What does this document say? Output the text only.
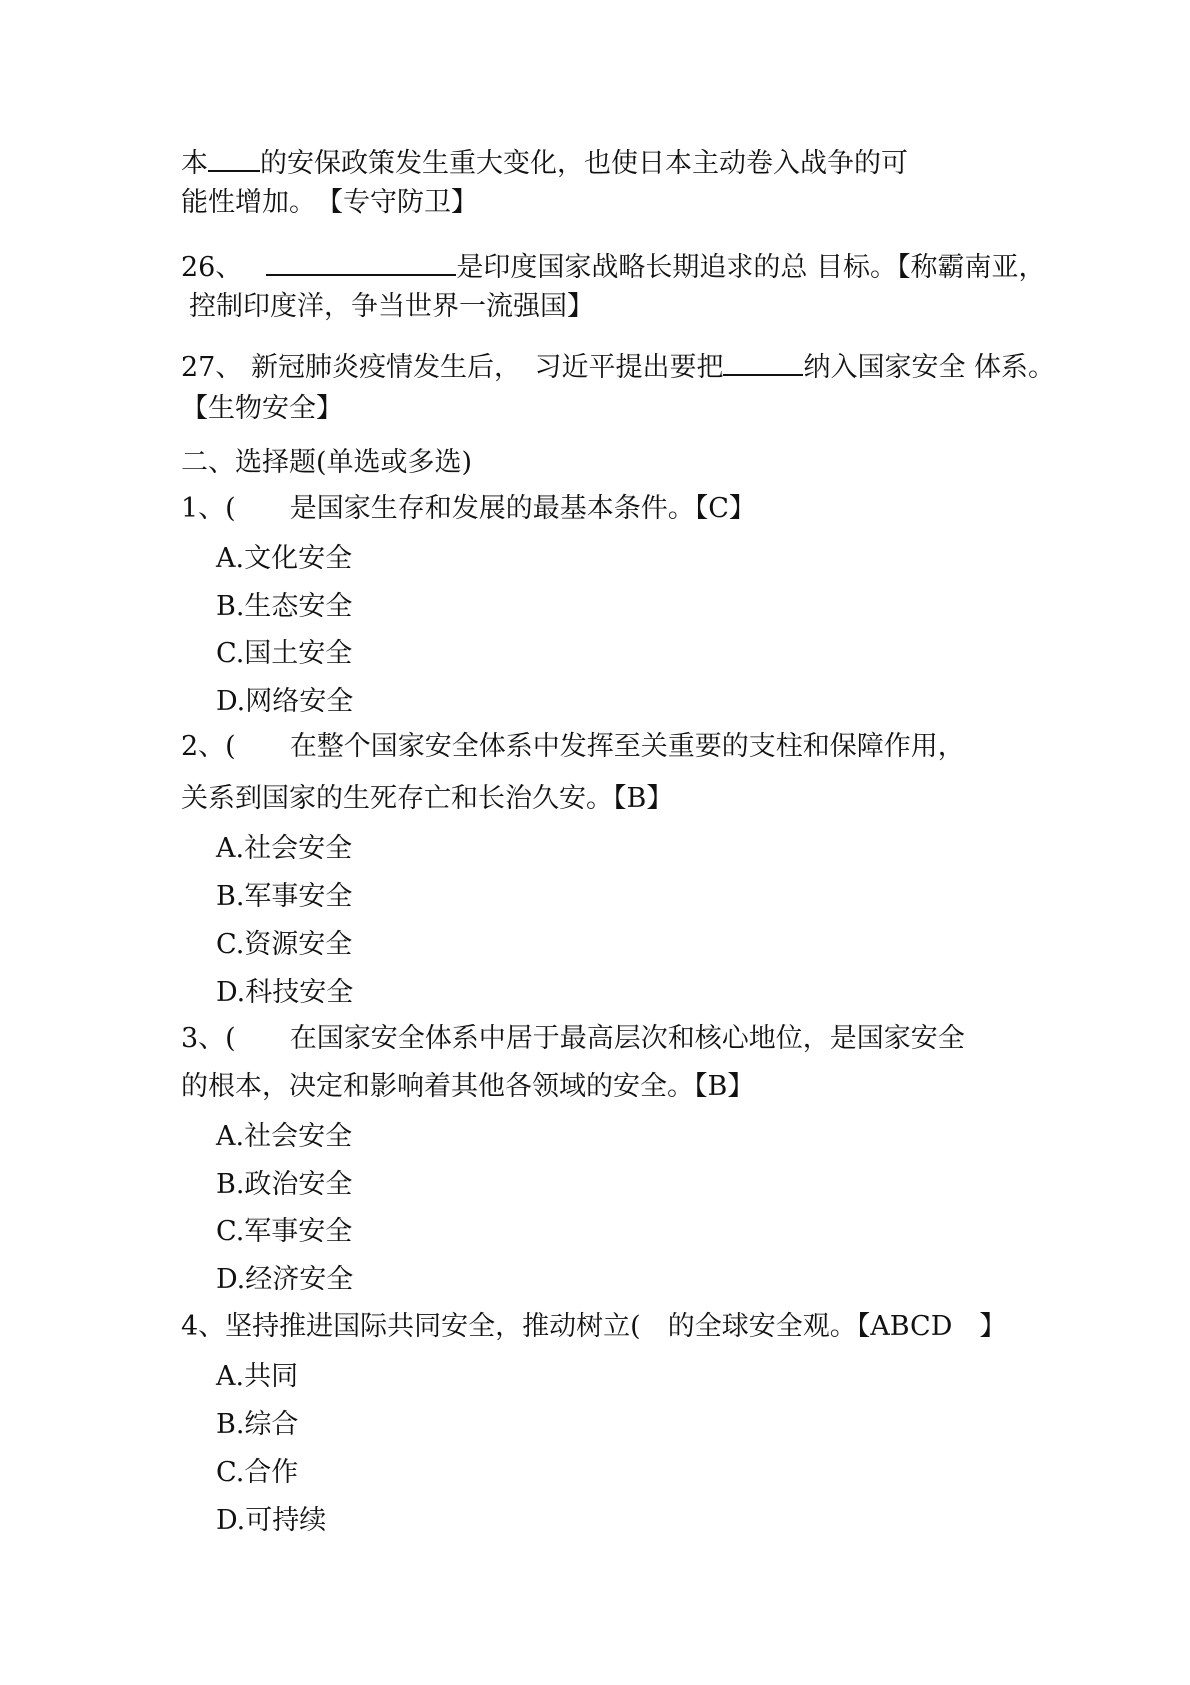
本 的安保政策发生重大变化，也使日本主动卷入战争的可
能性增加。　【专守防卫】
26、	是印度国家战略长期追求的总 目标。【称霸南亚，
控制印度洋，争当世界一流强国】
27、 新冠肺炎疫情发生后，　习近平提出要把	纳入国家安全 体系。
【生物安全】
二、选择题(单选或多选)
1、(　　是国家生存和发展的最基本条件。【C】
A.文化安全
B.生态安全
C.国土安全
D.网络安全
2、(　　在整个国家安全体系中发挥至关重要的支柱和保障作用，
关系到国家的生死存亡和长治久安。【B】
A.社会安全
B.军事安全
C.资源安全
D.科技安全
3、(　　在国家安全体系中居于最高层次和核心地位，是国家安全
的根本，决定和影响着其他各领域的安全。【B】
A.社会安全
B.政治安全
C.军事安全
D.经济安全
4、坚持推进国际共同安全，推动树立(　的全球安全观。【ABCD　】
A.共同
B.综合
C.合作
D.可持续
